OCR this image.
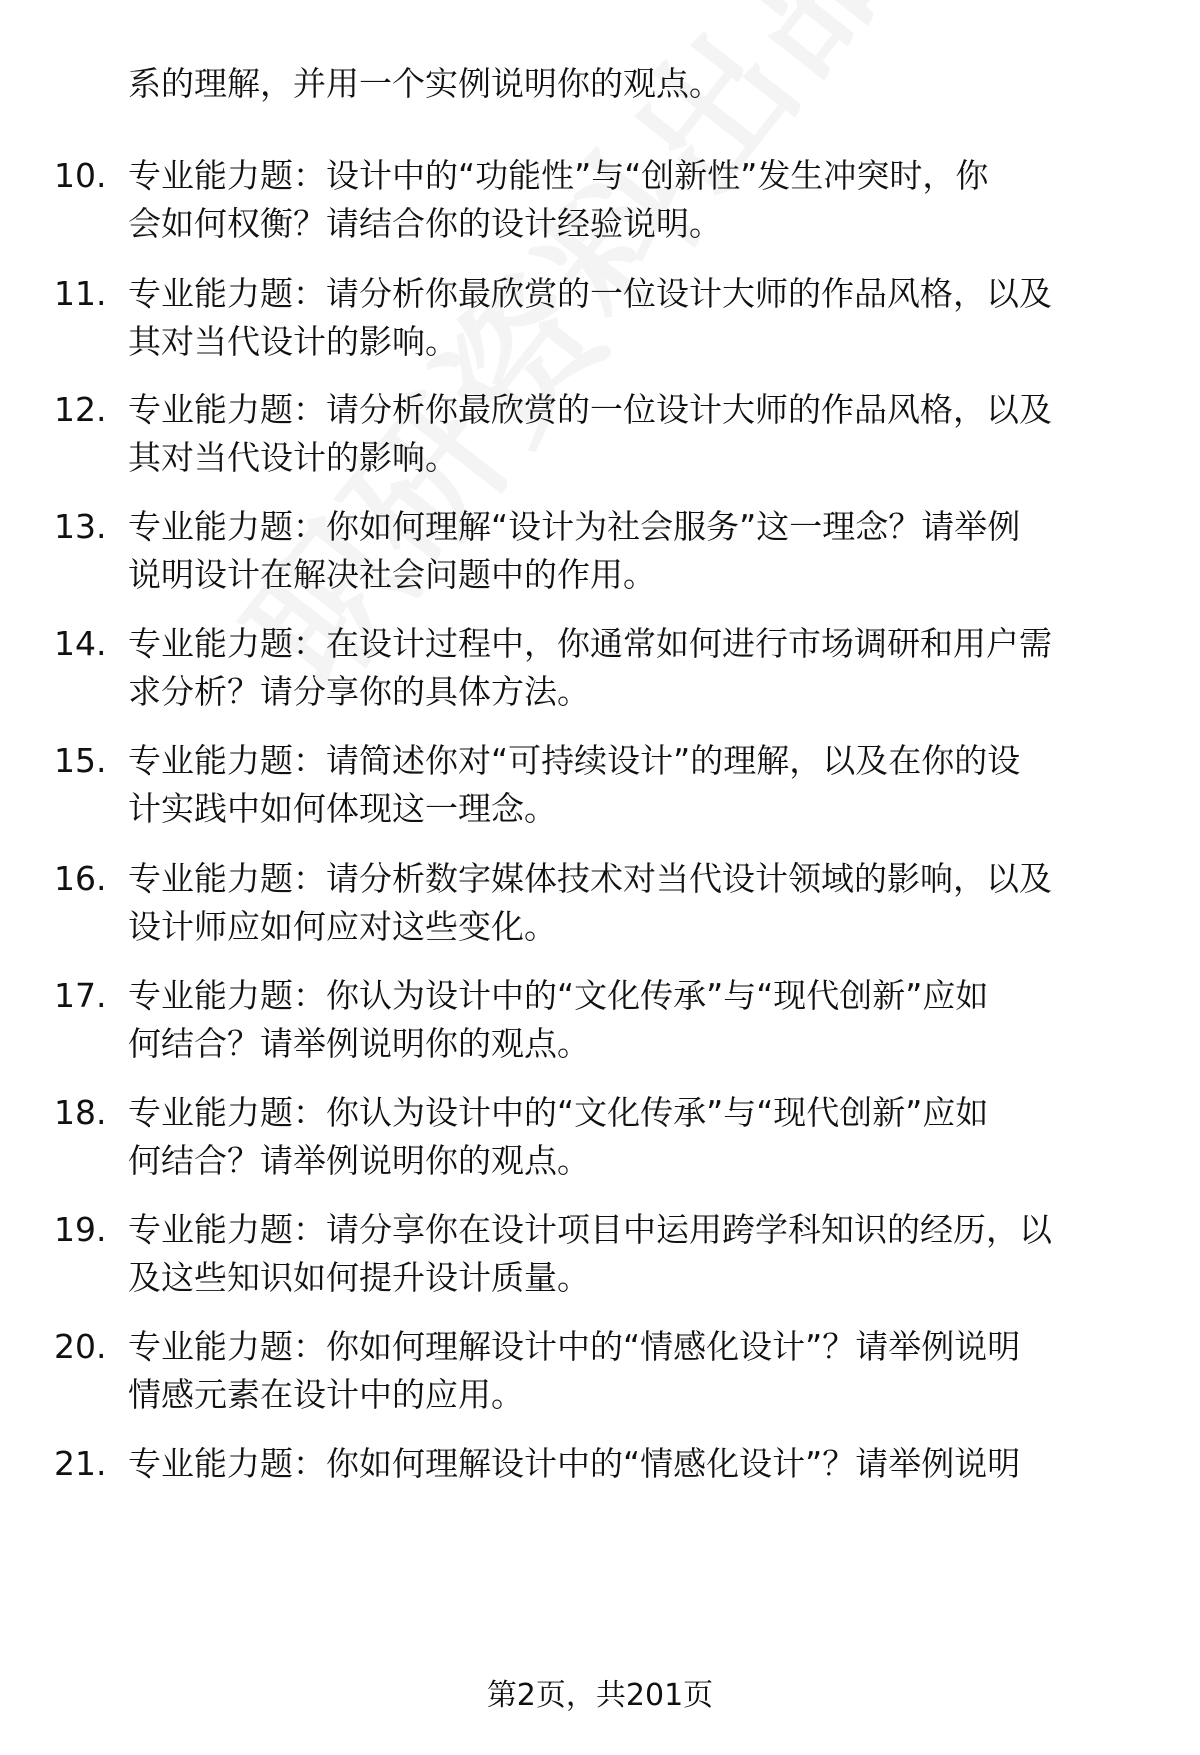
系的理解，并用一个实例说明你的观点。
10. 专业能力题：设计中的“功能性”与“创新性”发生冲突时，你
会如何权衡？请结合你的设计经验说明。
11. 专业能力题：请分析你最欣赏的一位设计大师的作品风格，以及
其对当代设计的影响。
12. 专业能力题：请分析你最欣赏的一位设计大师的作品风格，以及
其对当代设计的影响。
13. 专业能力题：你如何理解“设计为社会服务”这一理念？请举例
说明设计在解决社会问题中的作用。
14. 专业能力题：在设计过程中，你通常如何进行市场调研和用户需
求分析？请分享你的具体方法。
15. 专业能力题：请简述你对“可持续设计”的理解，以及在你的设
计实践中如何体现这一理念。
16. 专业能力题：请分析数字媒体技术对当代设计领域的影响，以及
设计师应如何应对这些变化。
17. 专业能力题：你认为设计中的“文化传承”与“现代创新”应如
何结合？请举例说明你的观点。
18. 专业能力题：你认为设计中的“文化传承”与“现代创新”应如
何结合？请举例说明你的观点。
19. 专业能力题：请分享你在设计项目中运用跨学科知识的经历，以
及这些知识如何提升设计质量。
20. 专业能力题：你如何理解设计中的“情感化设计”？请举例说明
情感元素在设计中的应用。
21. 专业能力题：你如何理解设计中的“情感化设计”？请举例说明
第2页，共201页
